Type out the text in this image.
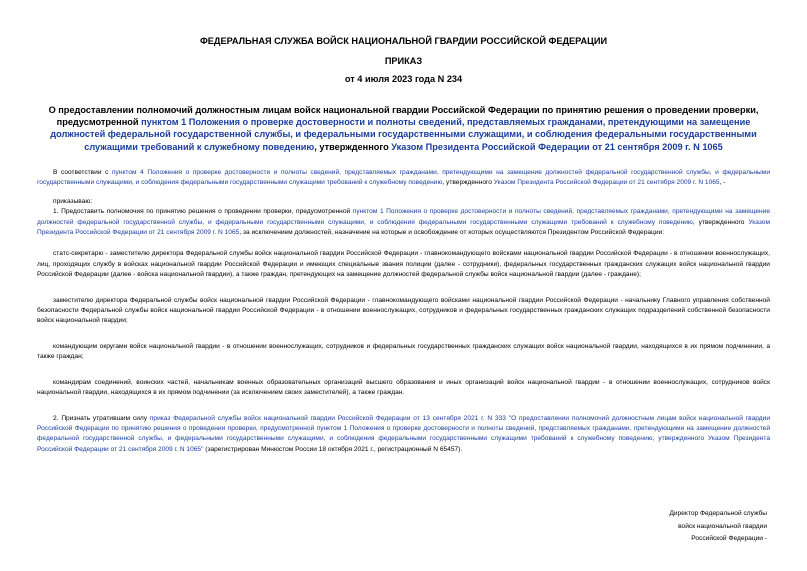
ФЕДЕРАЛЬНАЯ СЛУЖБА ВОЙСК НАЦИОНАЛЬНОЙ ГВАРДИИ РОССИЙСКОЙ ФЕДЕРАЦИИ
ПРИКАЗ
от 4 июля 2023 года N 234
О предоставлении полномочий должностным лицам войск национальной гвардии Российской Федерации по принятию решения о проведении проверки, предусмотренной пунктом 1 Положения о проверке достоверности и полноты сведений, представляемых гражданами, претендующими на замещение должностей федеральной государственной службы, и федеральными государственными служащими, и соблюдения федеральными государственными служащими требований к служебному поведению, утвержденного Указом Президента Российской Федерации от 21 сентября 2009 г. N 1065

В соответствии с пунктом 4 Положения о проверке достоверности и полноты сведений, представляемых гражданами, претендующими на замещение должностей федеральной государственной службы, и федеральными государственными служащими, и соблюдения федеральными государственными служащими требований к служебному поведению, утвержденного Указом Президента Российской Федерации от 21 сентября 2009 г. N 1065, -

приказываю:

1. Предоставить полномочия по принятию решения о проведении проверки, предусмотренной пунктом 1 Положения о проверке достоверности и полноты сведений, представляемых гражданами, претендующими на замещение должностей федеральной государственной службы, и федеральными государственными служащими, и соблюдения федеральными государственными служащими требований к служебному поведению, утвержденного Указом Президента Российской Федерации от 21 сентября 2009 г. N 1065, за исключением должностей, назначение на которые и освобождение от которых осуществляются Президентом Российской Федерации:

статс-секретарю - заместителю директора Федеральной службы войск национальной гвардии Российской Федерации - главнокомандующего войсками национальной гвардии Российской Федерации - в отношении военнослужащих, лиц, проходящих службу в войсках национальной гвардии Российской Федерации и имеющих специальные звания полиции (далее - сотрудники), федеральных государственных гражданских служащих войск национальной гвардии Российской Федерации (далее - войска национальной гвардии), а также граждан, претендующих на замещение должностей федеральной службы войск национальной гвардии (далее - граждане);

заместителю директора Федеральной службы войск национальной гвардии Российской Федерации - главнокомандующего войсками национальной гвардии Российской Федерации - начальнику Главного управления собственной безопасности Федеральной службы войск национальной гвардии Российской Федерации - в отношении военнослужащих, сотрудников и федеральных государственных гражданских служащих подразделений собственной безопасности войск национальной гвардии;

командующим округами войск национальной гвардии - в отношении военнослужащих, сотрудников и федеральных государственных гражданских служащих войск национальной гвардии, находящихся в их прямом подчинении, а также граждан;

командирам соединений, воинских частей, начальникам военных образовательных организаций высшего образования и иных организаций войск национальной гвардии - в отношении военнослужащих, сотрудников войск национальной гвардии, находящихся в их прямом подчинении (за исключением своих заместителей), а также граждан.

2. Признать утратившим силу приказ Федеральной службы войск национальной гвардии Российской Федерации от 13 сентября 2021 г. N 333 "О предоставлении полномочий должностным лицам войск национальной гвардии Российской Федерации по принятию решения о проведении проверки, предусмотренной пунктом 1 Положения о проверке достоверности и полноты сведений, представляемых гражданами, претендующими на замещение должностей федеральной государственной службы, и федеральными государственными служащими, и соблюдения федеральными государственными служащими требований к служебному поведению, утвержденного Указом Президента Российской Федерации от 21 сентября 2009 г. N 1065" (зарегистрирован Минюстом России 18 октября 2021 г., регистрационный N 65457).

Директор Федеральной службы
войск национальной гвардии
Российской Федерации -
